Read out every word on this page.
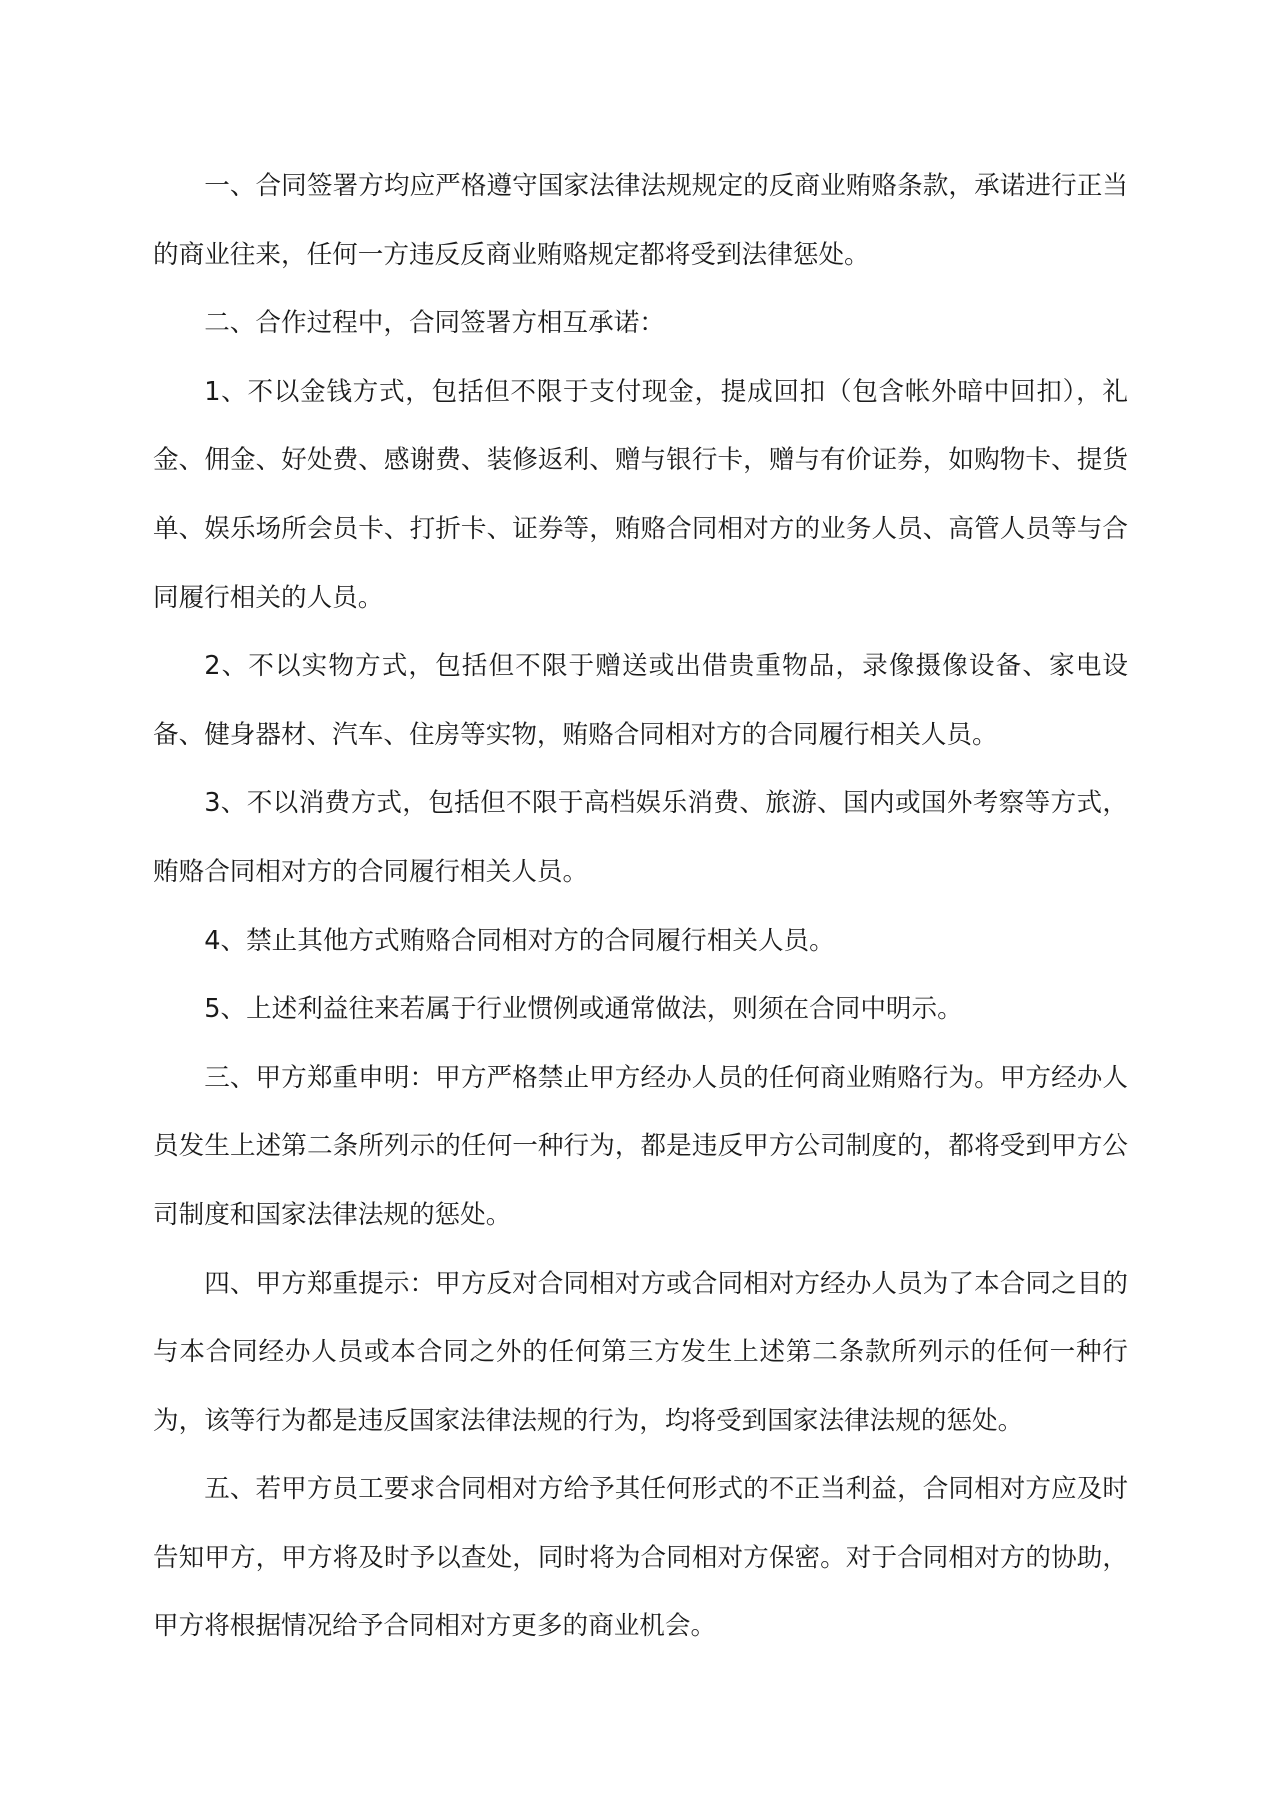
一、合同签署方均应严格遵守国家法律法规规定的反商业贿赂条款，承诺进行正当的商业往来，任何一方违反反商业贿赂规定都将受到法律惩处。

二、合作过程中，合同签署方相互承诺：

1、不以金钱方式，包括但不限于支付现金，提成回扣（包含帐外暗中回扣），礼金、佣金、好处费、感谢费、装修返利、赠与银行卡，赠与有价证券，如购物卡、提货单、娱乐场所会员卡、打折卡、证券等，贿赂合同相对方的业务人员、高管人员等与合同履行相关的人员。

2、不以实物方式，包括但不限于赠送或出借贵重物品，录像摄像设备、家电设备、健身器材、汽车、住房等实物，贿赂合同相对方的合同履行相关人员。

3、不以消费方式，包括但不限于高档娱乐消费、旅游、国内或国外考察等方式，贿赂合同相对方的合同履行相关人员。

4、禁止其他方式贿赂合同相对方的合同履行相关人员。

5、上述利益往来若属于行业惯例或通常做法，则须在合同中明示。

三、甲方郑重申明：甲方严格禁止甲方经办人员的任何商业贿赂行为。甲方经办人员发生上述第二条所列示的任何一种行为，都是违反甲方公司制度的，都将受到甲方公司制度和国家法律法规的惩处。

四、甲方郑重提示：甲方反对合同相对方或合同相对方经办人员为了本合同之目的与本合同经办人员或本合同之外的任何第三方发生上述第二条款所列示的任何一种行为，该等行为都是违反国家法律法规的行为，均将受到国家法律法规的惩处。

五、若甲方员工要求合同相对方给予其任何形式的不正当利益，合同相对方应及时告知甲方，甲方将及时予以查处，同时将为合同相对方保密。对于合同相对方的协助，甲方将根据情况给予合同相对方更多的商业机会。
